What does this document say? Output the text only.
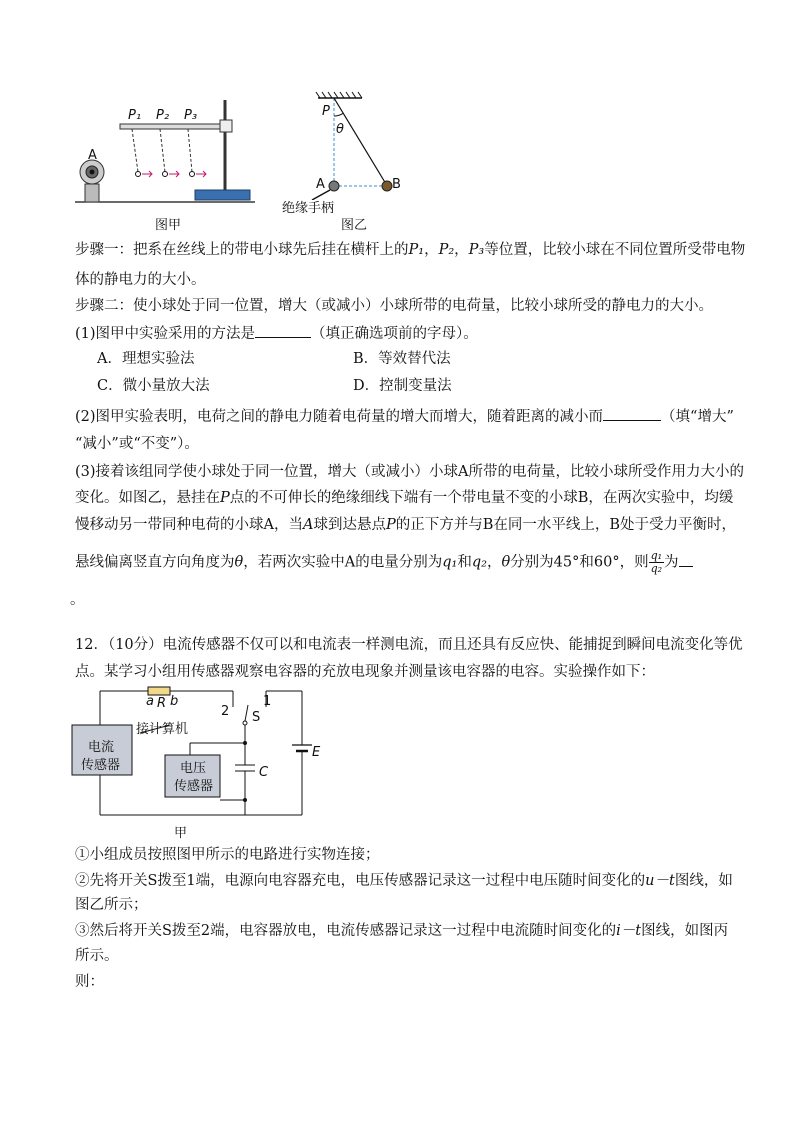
A
P₁ P₂ P₃
图甲
P
θ
A	B
绝缘手柄
图乙
步骤一：把系在丝线上的带电小球先后挂在横杆上的P₁，P₂，P₃等位置，比较小球在不同位置所受带电物
体的静电力的大小。
步骤二：使小球处于同一位置，增大（或减小）小球所带的电荷量，比较小球所受的静电力的大小。
(1)图甲中实验采用的方法是	（填正确选项前的字母）。
A．理想实验法	B．等效替代法
C．微小量放大法	D．控制变量法
(2)图甲实验表明，电荷之间的静电力随着电荷量的增大而增大，随着距离的减小而	（填“增大”
“减小”或“不变”）。
(3)接着该组同学使小球处于同一位置，增大（或减小）小球A所带的电荷量，比较小球所受作用力大小的
变化。如图乙，悬挂在P点的不可伸长的绝缘细线下端有一个带电量不变的小球B，在两次实验中，均缓
慢移动另一带同种电荷的小球A，当A球到达悬点P的正下方并与B在同一水平线上，B处于受力平衡时，
悬线偏离竖直方向角度为θ，若两次实验中A的电量分别为q₁和q₂，θ分别为45°和60°，则 $\frac{\text{q₁}}{\text{q₂}}$ 为
。
12．（10分）电流传感器不仅可以和电流表一样测电流，而且还具有反应快、能捕捉到瞬间电流变化等优
点。某学习小组用传感器观察电容器的充放电现象并测量该电容器的电容。实验操作如下：
a R b
2
1
S
接计算机
电流
传感器	电压
传感器
C
E
甲
①小组成员按照图甲所示的电路进行实物连接；
②先将开关S拨至1端，电源向电容器充电，电压传感器记录这一过程中电压随时间变化的u－t图线，如
图乙所示；
③然后将开关S拨至2端，电容器放电，电流传感器记录这一过程中电流随时间变化的i－t图线，如图丙
所示。
则：
